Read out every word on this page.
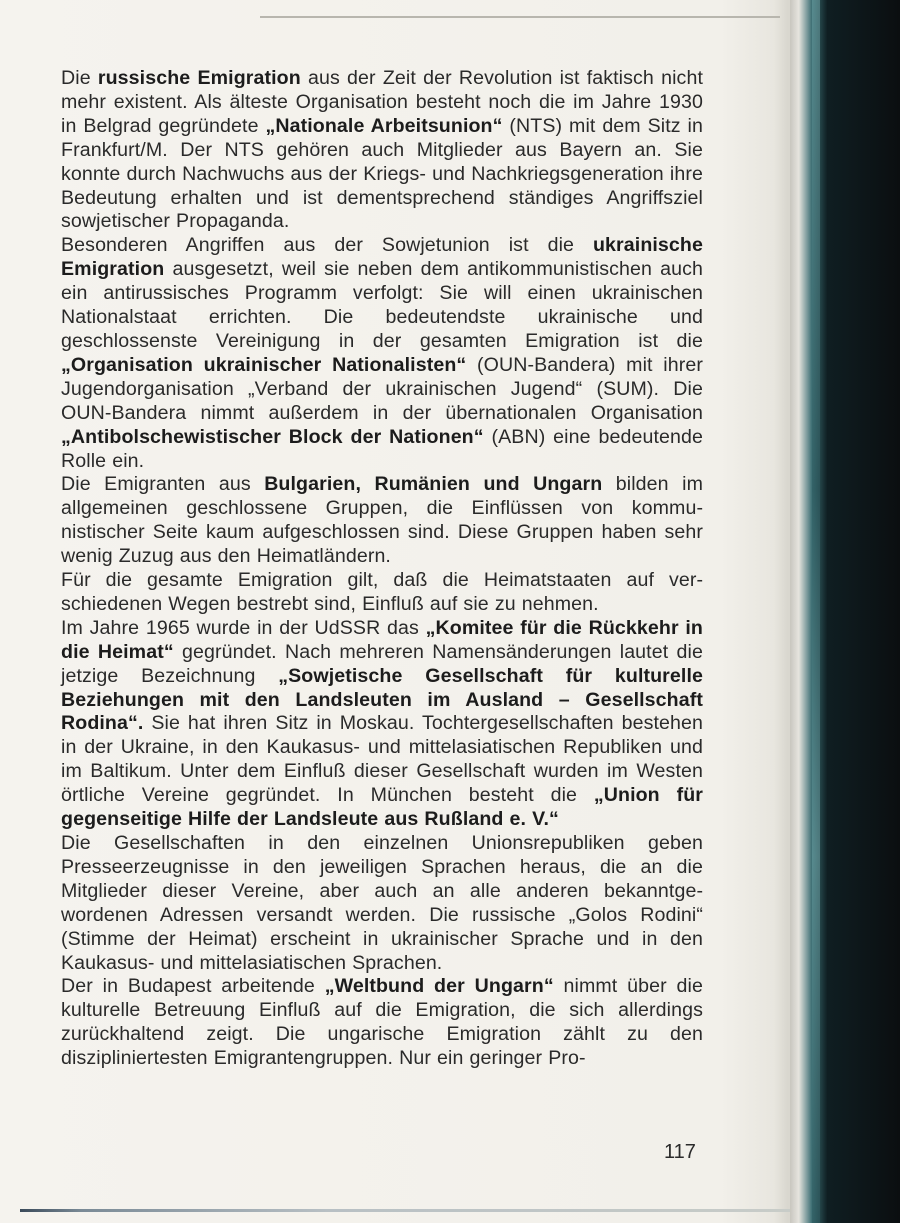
Die russische Emigration aus der Zeit der Revolution ist faktisch nicht mehr existent. Als älteste Organisation besteht noch die im Jahre 1930 in Belgrad gegründete „Nationale Arbeitsunion“ (NTS) mit dem Sitz in Frankfurt/M. Der NTS gehören auch Mitglieder aus Bayern an. Sie konnte durch Nachwuchs aus der Kriegs- und Nachkriegsgeneration ihre Bedeutung erhalten und ist dementsprechend ständiges Angriffsziel sowjetischer Propaganda.

Besonderen Angriffen aus der Sowjetunion ist die ukrainische Emigration ausgesetzt, weil sie neben dem antikommunistischen auch ein antirussisches Programm verfolgt: Sie will einen ukrainischen Nationalstaat errichten. Die bedeutendste ukrainische und geschlossenste Vereinigung in der gesamten Emigration ist die „Organisation ukrainischer Nationalisten“ (OUN-Bandera) mit ihrer Jugendorganisation „Verband der ukrainischen Jugend“ (SUM). Die OUN-Bandera nimmt außerdem in der übernationalen Organisation „Antibolschewistischer Block der Nationen“ (ABN) eine bedeutende Rolle ein.

Die Emigranten aus Bulgarien, Rumänien und Ungarn bilden im allgemeinen geschlossene Gruppen, die Einflüssen von kommunistischer Seite kaum aufgeschlossen sind. Diese Gruppen haben sehr wenig Zuzug aus den Heimatländern.

Für die gesamte Emigration gilt, daß die Heimatstaaten auf verschiedenen Wegen bestrebt sind, Einfluß auf sie zu nehmen.

Im Jahre 1965 wurde in der UdSSR das „Komitee für die Rückkehr in die Heimat“ gegründet. Nach mehreren Namensänderungen lautet die jetzige Bezeichnung „Sowjetische Gesellschaft für kulturelle Beziehungen mit den Landsleuten im Ausland – Gesellschaft Rodina“. Sie hat ihren Sitz in Moskau. Tochtergesellschaften bestehen in der Ukraine, in den Kaukasus- und mittelasiatischen Republiken und im Baltikum. Unter dem Einfluß dieser Gesellschaft wurden im Westen örtliche Vereine gegründet. In München besteht die „Union für gegenseitige Hilfe der Landsleute aus Rußland e. V.“

Die Gesellschaften in den einzelnen Unionsrepubliken geben Presseerzeugnisse in den jeweiligen Sprachen heraus, die an die Mitglieder dieser Vereine, aber auch an alle anderen bekanntgewordenen Adressen versandt werden. Die russische „Golos Rodini“ (Stimme der Heimat) erscheint in ukrainischer Sprache und in den Kaukasus- und mittelasiatischen Sprachen.

Der in Budapest arbeitende „Weltbund der Ungarn“ nimmt über die kulturelle Betreuung Einfluß auf die Emigration, die sich allerdings zurückhaltend zeigt. Die ungarische Emigration zählt zu den diszipliniertesten Emigrantengruppen. Nur ein geringer Pro-

117
